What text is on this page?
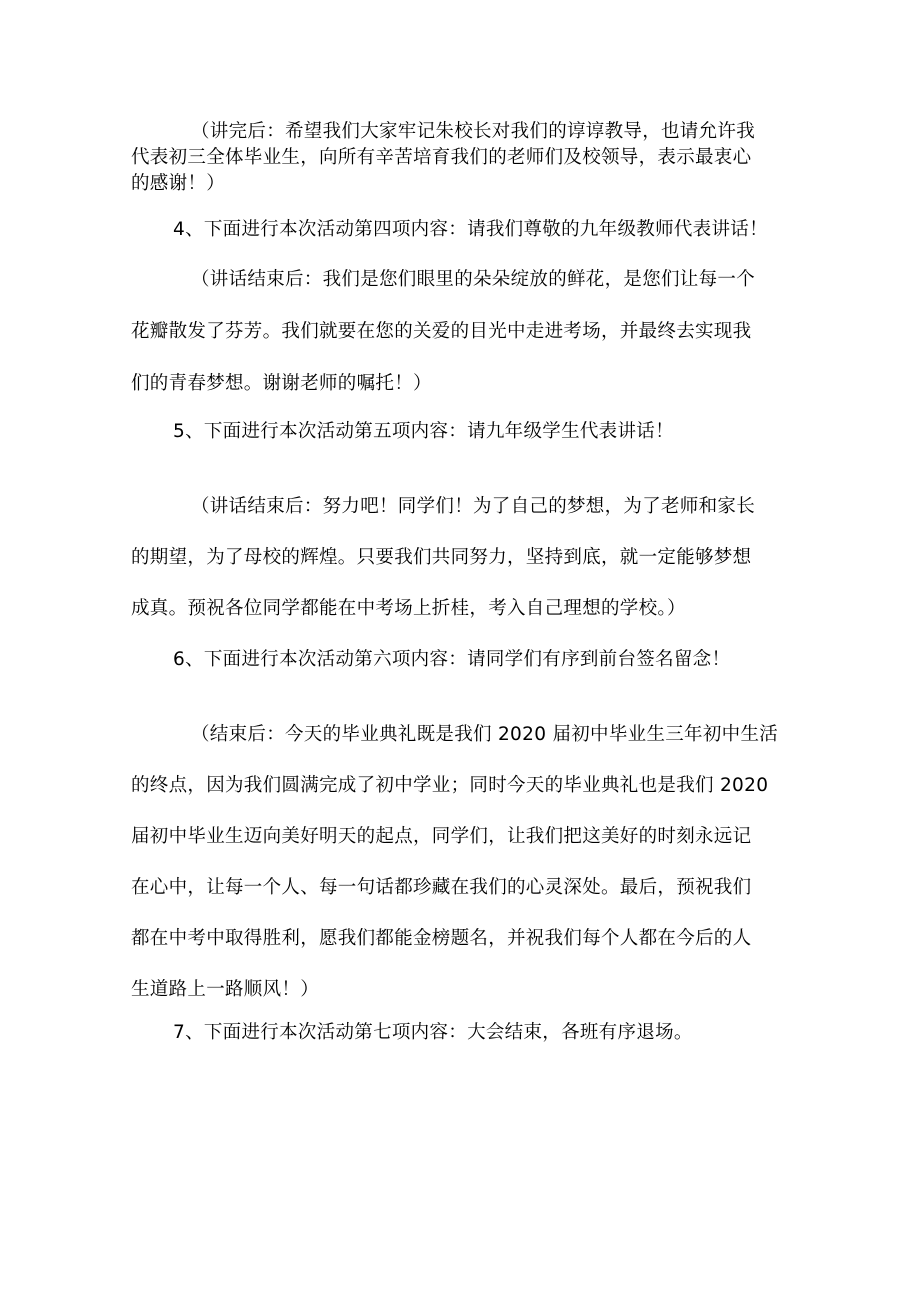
（讲完后：希望我们大家牢记朱校长对我们的谆谆教导，也请允许我
代表初三全体毕业生，向所有辛苦培育我们的老师们及校领导，表示最衷心
的感谢！）
4、下面进行本次活动第四项内容：请我们尊敬的九年级教师代表讲话！
（讲话结束后：我们是您们眼里的朵朵绽放的鲜花，是您们让每一个
花瓣散发了芬芳。我们就要在您的关爱的目光中走进考场，并最终去实现我
们的青春梦想。谢谢老师的嘱托！）
5、下面进行本次活动第五项内容：请九年级学生代表讲话！
（讲话结束后：努力吧！同学们！为了自己的梦想，为了老师和家长
的期望，为了母校的辉煌。只要我们共同努力，坚持到底，就一定能够梦想
成真。预祝各位同学都能在中考场上折桂，考入自己理想的学校。）
6、下面进行本次活动第六项内容：请同学们有序到前台签名留念！
（结束后：今天的毕业典礼既是我们 2020 届初中毕业生三年初中生活
的终点，因为我们圆满完成了初中学业；同时今天的毕业典礼也是我们 2020
届初中毕业生迈向美好明天的起点，同学们，让我们把这美好的时刻永远记
在心中，让每一个人、每一句话都珍藏在我们的心灵深处。最后，预祝我们
都在中考中取得胜利，愿我们都能金榜题名，并祝我们每个人都在今后的人
生道路上一路顺风！）
7、下面进行本次活动第七项内容：大会结束，各班有序退场。
